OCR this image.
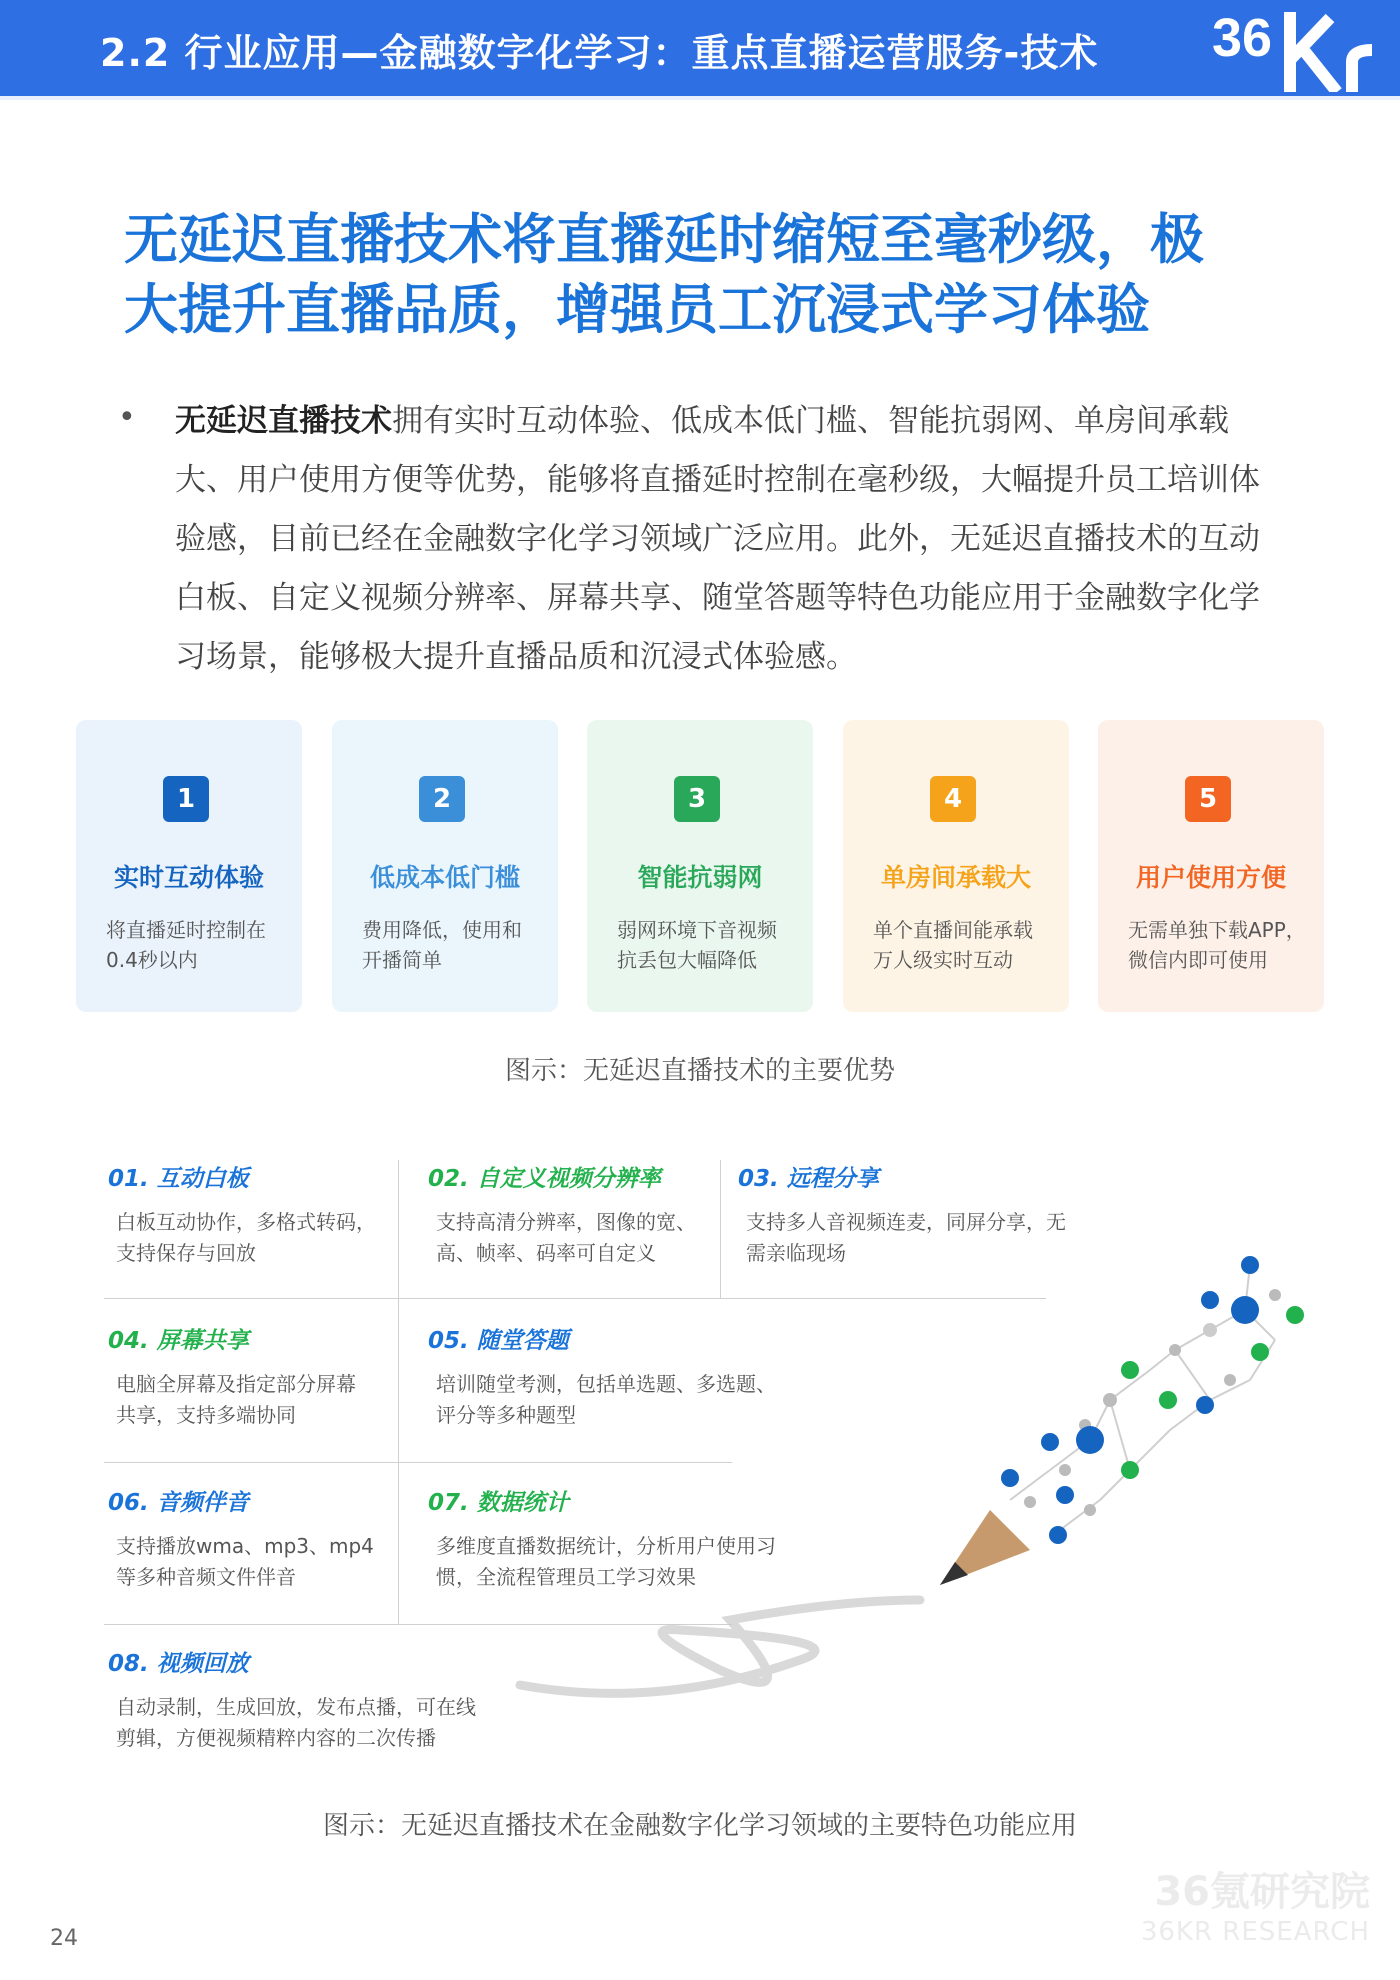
2.2 行业应用—金融数字化学习：重点直播运营服务-技术 36
无延迟直播技术将直播延时缩短至毫秒级，极
大提升直播品质，增强员工沉浸式学习体验
• 无延迟直播技术拥有实时互动体验、低成本低门槛、智能抗弱网、单房间承载大、用户使用方便等优势，能够将直播延时控制在毫秒级，大幅提升员工培训体验感，目前已经在金融数字化学习领域广泛应用。此外，无延迟直播技术的互动白板、自定义视频分辨率、屏幕共享、随堂答题等特色功能应用于金融数字化学习场景，能够极大提升直播品质和沉浸式体验感。
1
实时互动体验
将直播延时控制在
0.4秒以内
2
低成本低门槛
费用降低，使用和
开播简单
3
智能抗弱网
弱网环境下音视频
抗丢包大幅降低
4
单房间承载大
单个直播间能承载
万人级实时互动
5
用户使用方便
无需单独下载APP，
微信内即可使用
图示：无延迟直播技术的主要优势
01. 互动白板
白板互动协作，多格式转码，
支持保存与回放
02. 自定义视频分辨率
支持高清分辨率，图像的宽、
高、帧率、码率可自定义
03. 远程分享
支持多人音视频连麦，同屏分享，无
需亲临现场
04. 屏幕共享
电脑全屏幕及指定部分屏幕
共享，支持多端协同
05. 随堂答题
培训随堂考测，包括单选题、多选题、
评分等多种题型
06. 音频伴音
支持播放wma、mp3、mp4
等多种音频文件伴音
07. 数据统计
多维度直播数据统计，分析用户使用习
惯，全流程管理员工学习效果
08. 视频回放
自动录制，生成回放，发布点播，可在线
剪辑，方便视频精粹内容的二次传播
图示：无延迟直播技术在金融数字化学习领域的主要特色功能应用
36氪研究院
36KR RESEARCH
24
